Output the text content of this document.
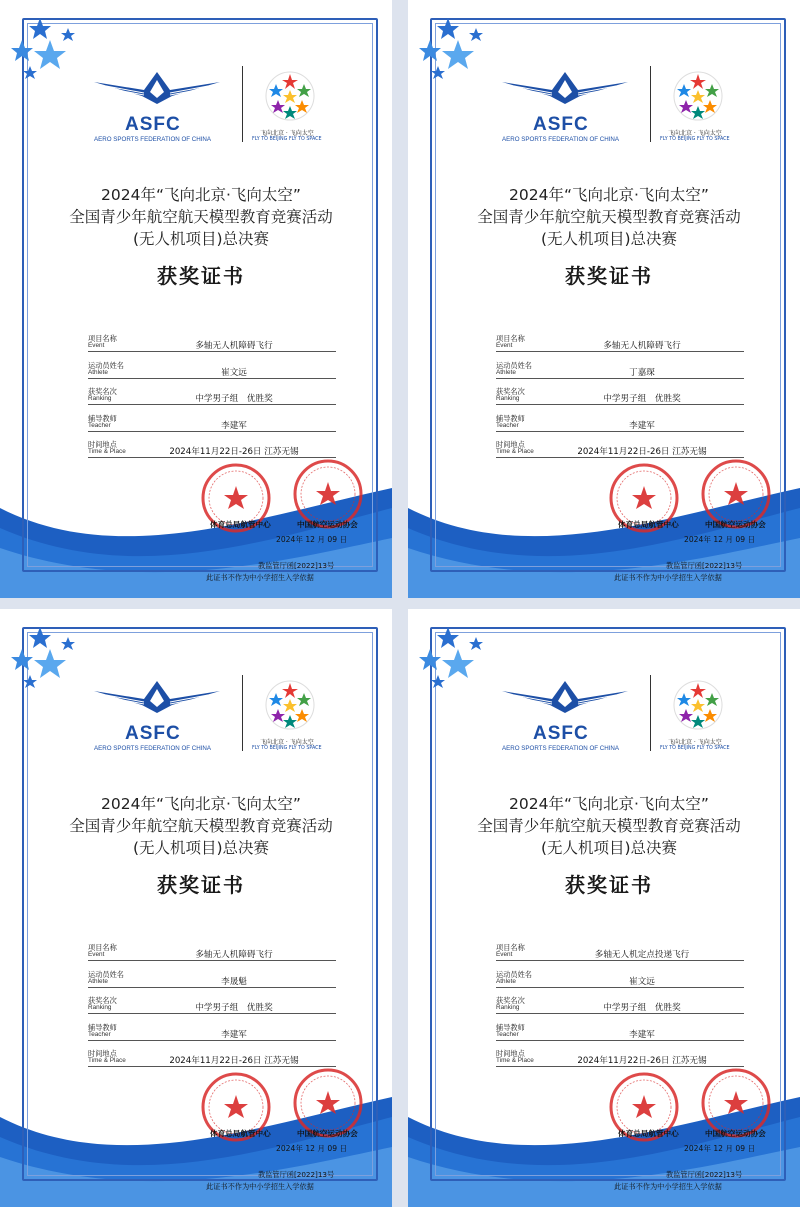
ASFC
AERO SPORTS FEDERATION OF CHINA
飞向北京 · 飞向太空
FLY TO BEIJING FLY TO SPACE

2024年“飞向北京·飞向太空”

全国青少年航空航天模型教育竞赛活动

(无人机项目)总决赛

获奖证书
项目名称
Event	多轴无人机障碍飞行
运动员姓名
Athlete	崔文远
获奖名次
Ranking	中学男子组　优胜奖
辅导教师
Teacher	李建军
时间地点
Time & Place	2024年11月22日-26日 江苏无锡
体育总局航管中心	中国航空运动协会
2024年 12 月 09 日
教监管厅函[2022]13号
此证书不作为中小学招生入学依据
ASFC
AERO SPORTS FEDERATION OF CHINA
飞向北京 · 飞向太空
FLY TO BEIJING FLY TO SPACE

2024年“飞向北京·飞向太空”

全国青少年航空航天模型教育竞赛活动

(无人机项目)总决赛

获奖证书
项目名称
Event	多轴无人机障碍飞行
运动员姓名
Athlete	丁嘉琛
获奖名次
Ranking	中学男子组　优胜奖
辅导教师
Teacher	李建军
时间地点
Time & Place	2024年11月22日-26日 江苏无锡
体育总局航管中心	中国航空运动协会
2024年 12 月 09 日
教监管厅函[2022]13号
此证书不作为中小学招生入学依据
ASFC
AERO SPORTS FEDERATION OF CHINA
飞向北京 · 飞向太空
FLY TO BEIJING FLY TO SPACE

2024年“飞向北京·飞向太空”

全国青少年航空航天模型教育竞赛活动

(无人机项目)总决赛

获奖证书
项目名称
Event	多轴无人机障碍飞行
运动员姓名
Athlete	李晟魁
获奖名次
Ranking	中学男子组　优胜奖
辅导教师
Teacher	李建军
时间地点
Time & Place	2024年11月22日-26日 江苏无锡
体育总局航管中心	中国航空运动协会
2024年 12 月 09 日
教监管厅函[2022]13号
此证书不作为中小学招生入学依据
ASFC
AERO SPORTS FEDERATION OF CHINA
飞向北京 · 飞向太空
FLY TO BEIJING FLY TO SPACE

2024年“飞向北京·飞向太空”

全国青少年航空航天模型教育竞赛活动

(无人机项目)总决赛

获奖证书
项目名称
Event	多轴无人机定点投递飞行
运动员姓名
Athlete	崔文远
获奖名次
Ranking	中学男子组　优胜奖
辅导教师
Teacher	李建军
时间地点
Time & Place	2024年11月22日-26日 江苏无锡
体育总局航管中心	中国航空运动协会
2024年 12 月 09 日
教监管厅函[2022]13号
此证书不作为中小学招生入学依据
